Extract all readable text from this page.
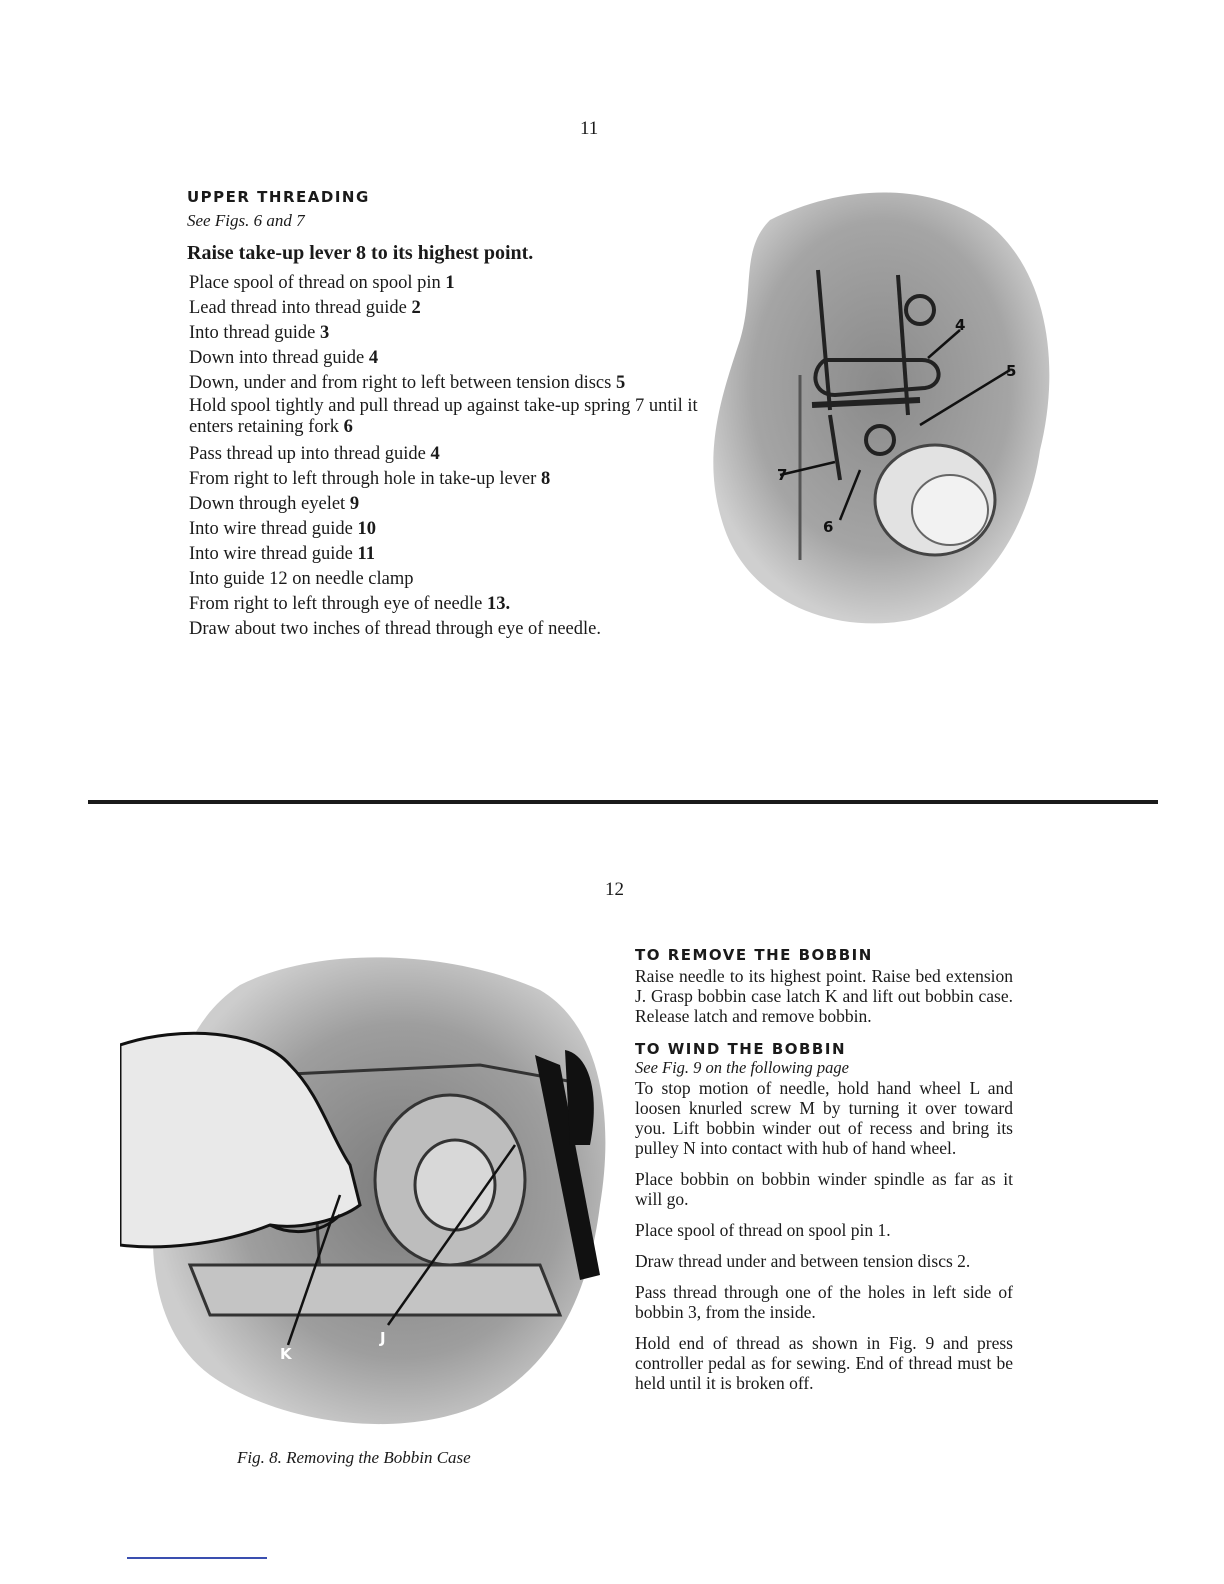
11
UPPER THREADING
See Figs. 6 and 7
Raise take-up lever 8 to its highest point.
Place spool of thread on spool pin 1
Lead thread into thread guide 2
Into thread guide 3
Down into thread guide 4
Down, under and from right to left between tension discs 5
Hold spool tightly and pull thread up against take-up spring 7 until it enters retaining fork 6
Pass thread up into thread guide 4
From right to left through hole in take-up lever 8
Down through eyelet 9
Into wire thread guide 10
Into wire thread guide 11
Into guide 12 on needle clamp
From right to left through eye of needle 13.
Draw about two inches of thread through eye of needle.
4
5
7
6
12
K
J
Fig. 8. Removing the Bobbin Case
TO REMOVE THE BOBBIN

Raise needle to its highest point. Raise bed extension J. Grasp bobbin case latch K and lift out bobbin case. Release latch and remove bobbin.

TO WIND THE BOBBIN
See Fig. 9 on the following page

To stop motion of needle, hold hand wheel L and loosen knurled screw M by turning it over toward you. Lift bobbin winder out of recess and bring its pulley N into contact with hub of hand wheel.

Place bobbin on bobbin winder spindle as far as it will go.

Place spool of thread on spool pin 1.

Draw thread under and between tension discs 2.

Pass thread through one of the holes in left side of bobbin 3, from the inside.

Hold end of thread as shown in Fig. 9 and press controller pedal as for sewing. End of thread must be held until it is broken off.
